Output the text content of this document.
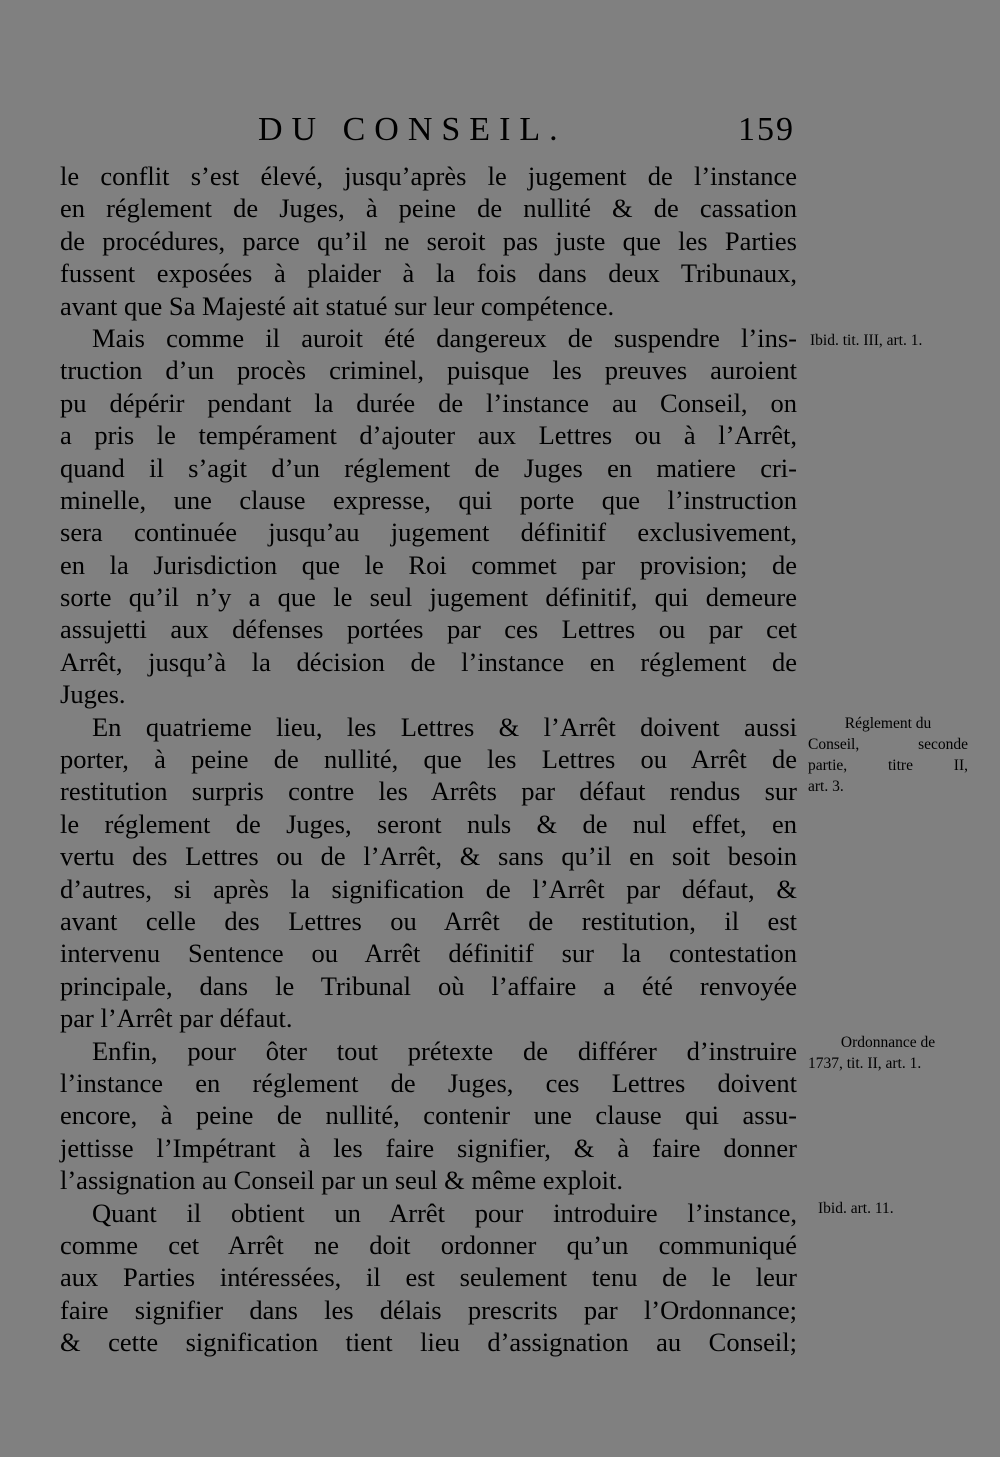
DU CONSEIL.	159
le conflit s’est élevé, jusqu’après le jugement de l’instance
en réglement de Juges, à peine de nullité & de cassation
de procédures, parce qu’il ne seroit pas juste que les Parties
fussent exposées à plaider à la fois dans deux Tribunaux,
avant que Sa Majesté ait statué sur leur compétence.
Mais comme il auroit été dangereux de suspendre l’ins-
truction d’un procès criminel, puisque les preuves auroient
pu dépérir pendant la durée de l’instance au Conseil, on
a pris le tempérament d’ajouter aux Lettres ou à l’Arrêt,
quand il s’agit d’un réglement de Juges en matiere cri-
minelle, une clause expresse, qui porte que l’instruction
sera continuée jusqu’au jugement définitif exclusivement,
en la Jurisdiction que le Roi commet par provision; de
sorte qu’il n’y a que le seul jugement définitif, qui demeure
assujetti aux défenses portées par ces Lettres ou par cet
Arrêt, jusqu’à la décision de l’instance en réglement de
Juges.
En quatrieme lieu, les Lettres & l’Arrêt doivent aussi
porter, à peine de nullité, que les Lettres ou Arrêt de
restitution surpris contre les Arrêts par défaut rendus sur
le réglement de Juges, seront nuls & de nul effet, en
vertu des Lettres ou de l’Arrêt, & sans qu’il en soit besoin
d’autres, si après la signification de l’Arrêt par défaut, &
avant celle des Lettres ou Arrêt de restitution, il est
intervenu Sentence ou Arrêt définitif sur la contestation
principale, dans le Tribunal où l’affaire a été renvoyée
par l’Arrêt par défaut.
Enfin, pour ôter tout prétexte de différer d’instruire
l’instance en réglement de Juges, ces Lettres doivent
encore, à peine de nullité, contenir une clause qui assu-
jettisse l’Impétrant à les faire signifier, & à faire donner
l’assignation au Conseil par un seul & même exploit.
Quant il obtient un Arrêt pour introduire l’instance,
comme cet Arrêt ne doit ordonner qu’un communiqué
aux Parties intéressées, il est seulement tenu de le leur
faire signifier dans les délais prescrits par l’Ordonnance;
& cette signification tient lieu d’assignation au Conseil;
Ibid. tit. III, art. 1.
Réglement du
Conseil, seconde
partie, titre II,
art. 3.
Ordonnance de
1737, tit. II, art. 1.
Ibid. art. 11.
